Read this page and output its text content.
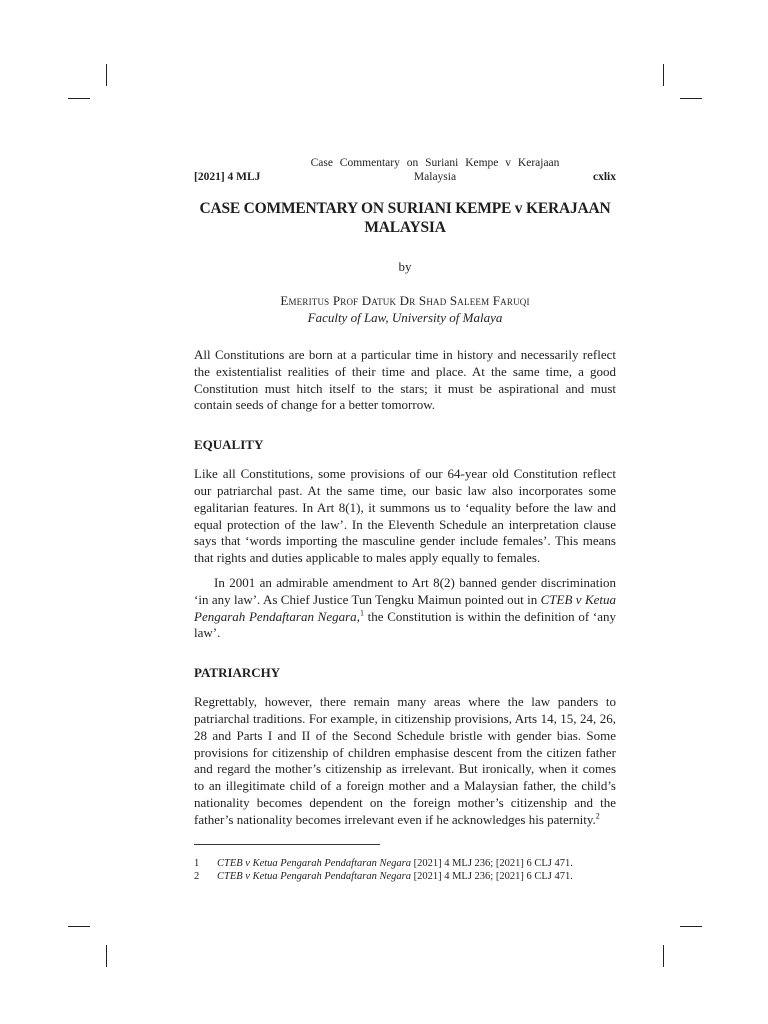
[2021] 4 MLJ
Case Commentary on Suriani Kempe v Kerajaan
Malaysia	cxlix
CASE COMMENTARY ON SURIANI KEMPE v KERAJAAN MALAYSIA
by
Emeritus Prof Datuk Dr Shad Saleem Faruqi
Faculty of Law, University of Malaya

All Constitutions are born at a particular time in history and necessarily reflect the existentialist realities of their time and place. At the same time, a good Constitution must hitch itself to the stars; it must be aspirational and must contain seeds of change for a better tomorrow.

EQUALITY

Like all Constitutions, some provisions of our 64-year old Constitution reflect our patriarchal past. At the same time, our basic law also incorporates some egalitarian features. In Art 8(1), it summons us to ‘equality before the law and equal protection of the law’. In the Eleventh Schedule an interpretation clause says that ‘words importing the masculine gender include females’. This means that rights and duties applicable to males apply equally to females.

In 2001 an admirable amendment to Art 8(2) banned gender discrimination ‘in any law’. As Chief Justice Tun Tengku Maimun pointed out in CTEB v Ketua Pengarah Pendaftaran Negara,$^1$ the Constitution is within the definition of ‘any law’.

PATRIARCHY

Regrettably, however, there remain many areas where the law panders to patriarchal traditions. For example, in citizenship provisions, Arts 14, 15, 24, 26, 28 and Parts I and II of the Second Schedule bristle with gender bias. Some provisions for citizenship of children emphasise descent from the citizen father and regard the mother’s citizenship as irrelevant. But ironically, when it comes to an illegitimate child of a foreign mother and a Malaysian father, the child’s nationality becomes dependent on the foreign mother’s citizenship and the father’s nationality becomes irrelevant even if he acknowledges his paternity.$^2$

1	CTEB v Ketua Pengarah Pendaftaran Negara [2021] 4 MLJ 236; [2021] 6 CLJ 471.
2	CTEB v Ketua Pengarah Pendaftaran Negara [2021] 4 MLJ 236; [2021] 6 CLJ 471.
